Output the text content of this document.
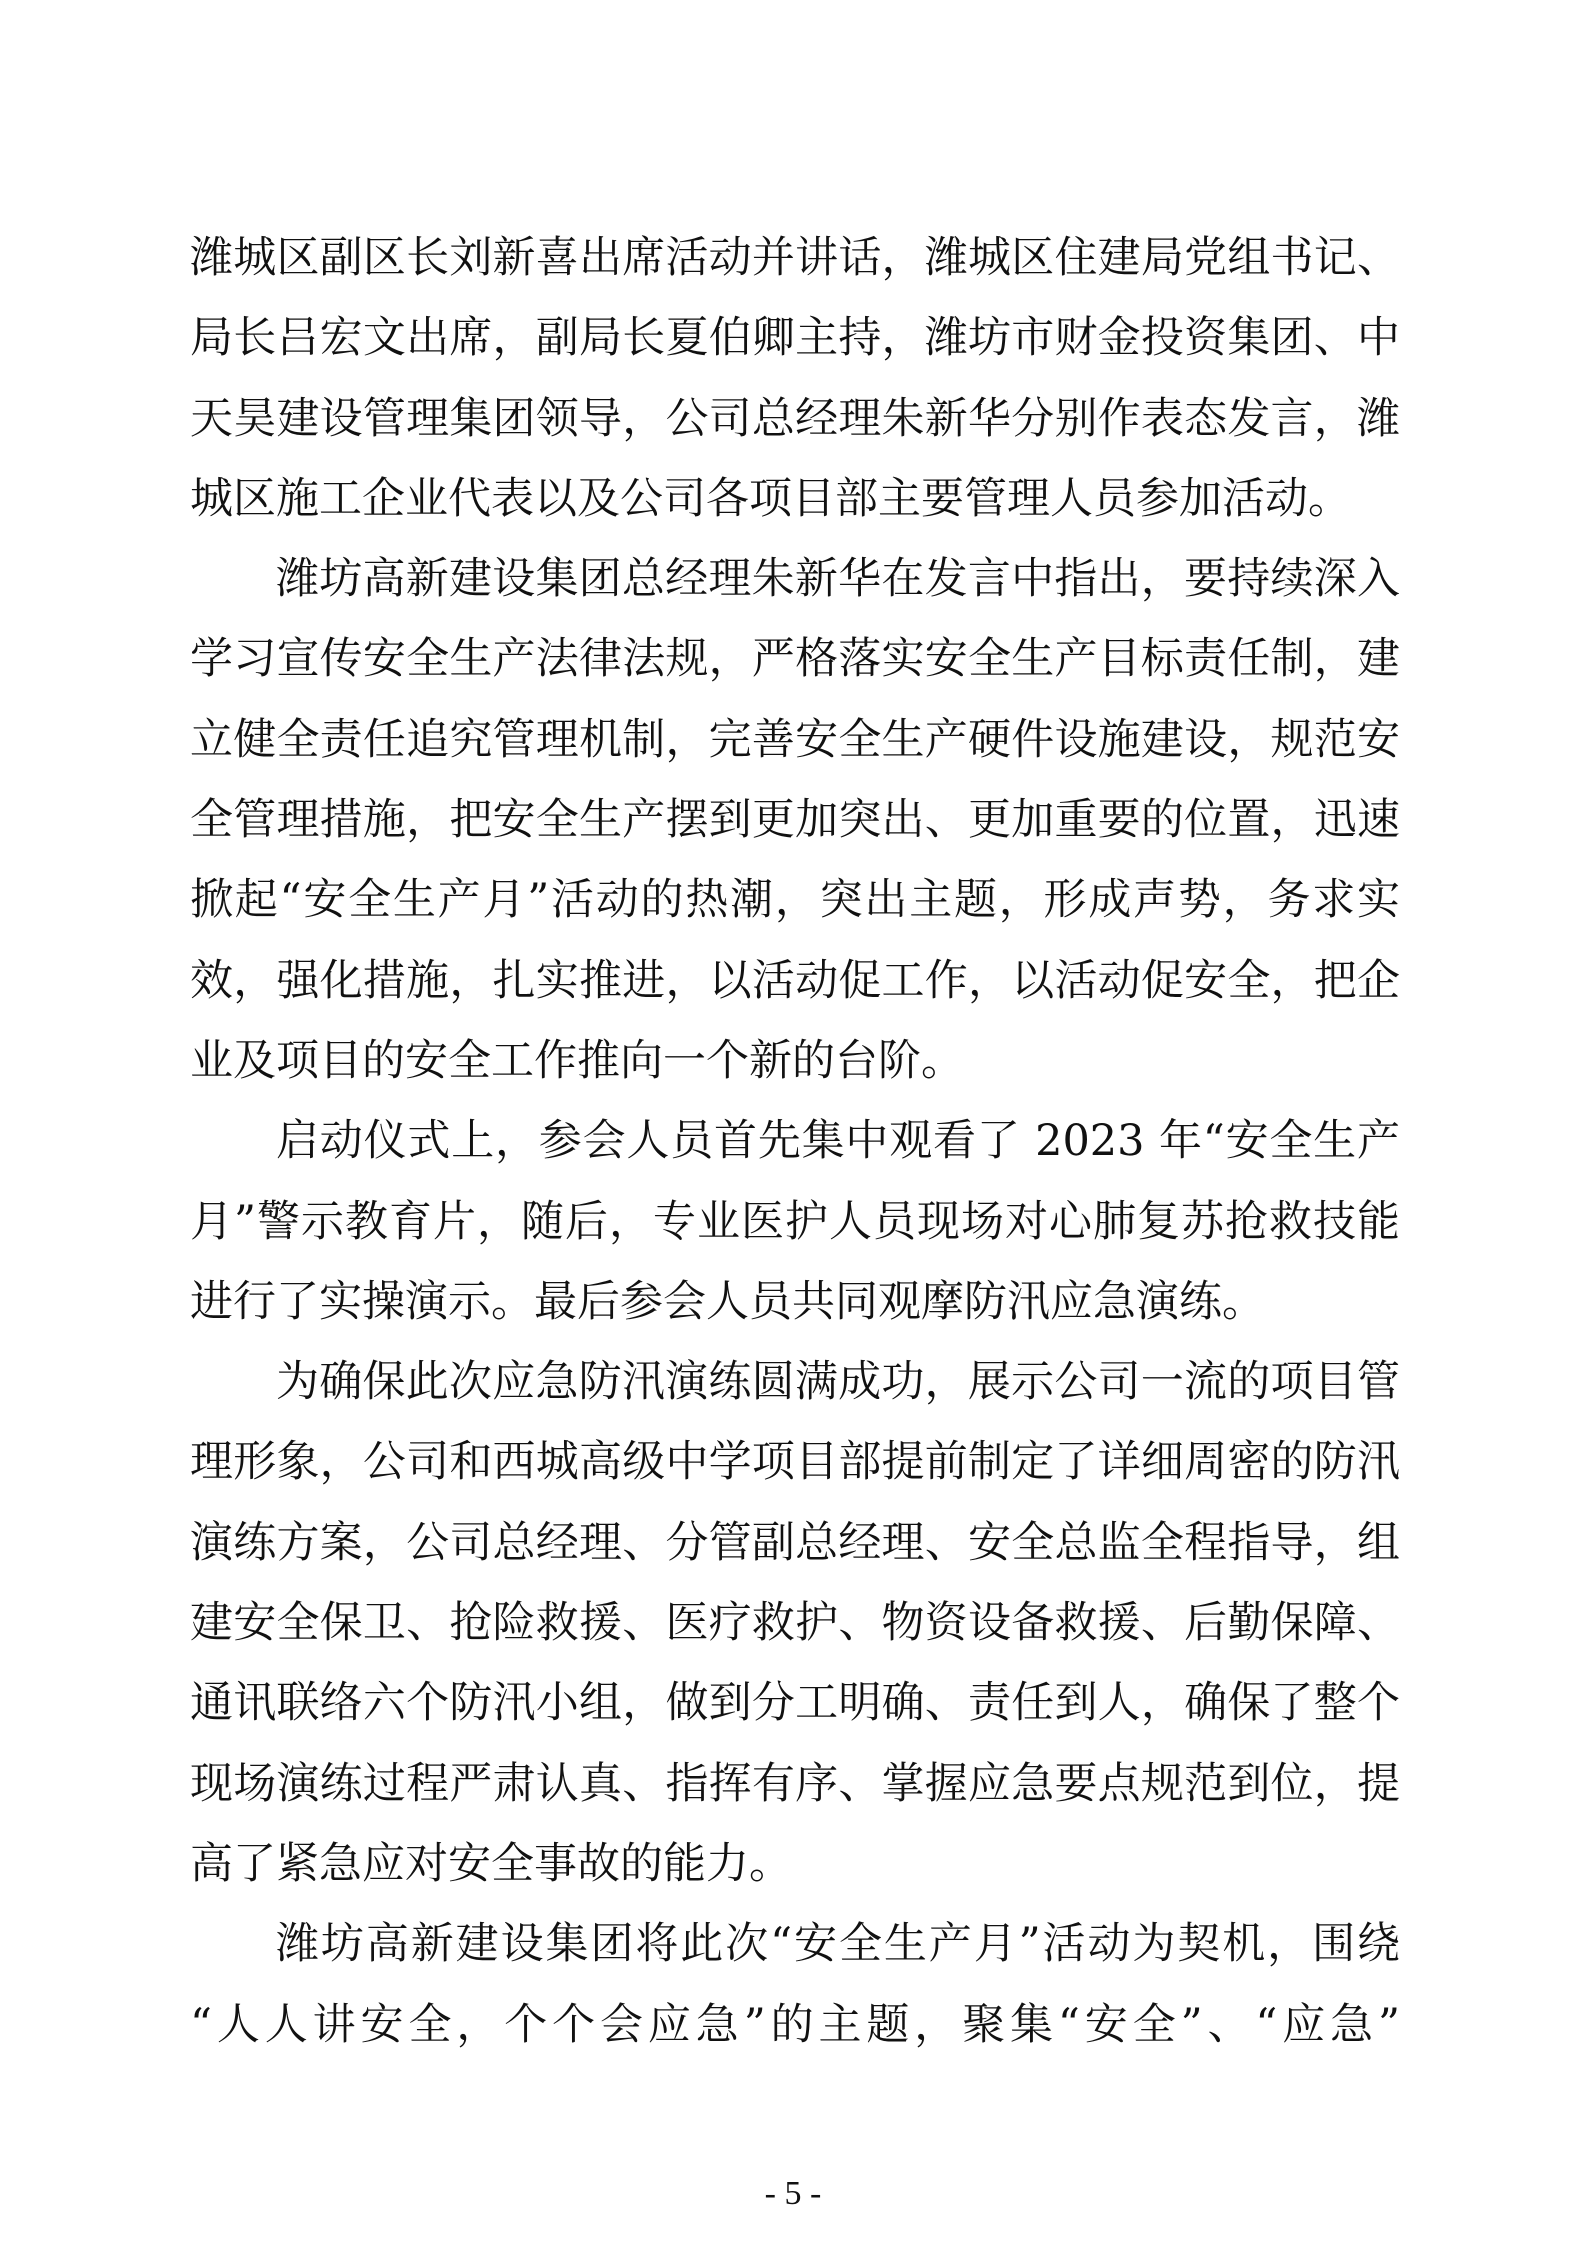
潍城区副区长刘新喜出席活动并讲话，潍城区住建局党组书记、
局长吕宏文出席，副局长夏伯卿主持，潍坊市财金投资集团、中
天昊建设管理集团领导，公司总经理朱新华分别作表态发言，潍
城区施工企业代表以及公司各项目部主要管理人员参加活动。
潍坊高新建设集团总经理朱新华在发言中指出，要持续深入
学习宣传安全生产法律法规，严格落实安全生产目标责任制，建
立健全责任追究管理机制，完善安全生产硬件设施建设，规范安
全管理措施，把安全生产摆到更加突出、更加重要的位置，迅速
掀起“安全生产月”活动的热潮，突出主题，形成声势，务求实
效，强化措施，扎实推进，以活动促工作，以活动促安全，把企
业及项目的安全工作推向一个新的台阶。
启动仪式上，参会人员首先集中观看了 2023 年“安全生产
月”警示教育片，随后，专业医护人员现场对心肺复苏抢救技能
进行了实操演示。最后参会人员共同观摩防汛应急演练。
为确保此次应急防汛演练圆满成功，展示公司一流的项目管
理形象，公司和西城高级中学项目部提前制定了详细周密的防汛
演练方案，公司总经理、分管副总经理、安全总监全程指导，组
建安全保卫、抢险救援、医疗救护、物资设备救援、后勤保障、
通讯联络六个防汛小组，做到分工明确、责任到人，确保了整个
现场演练过程严肃认真、指挥有序、掌握应急要点规范到位，提
高了紧急应对安全事故的能力。
潍坊高新建设集团将此次“安全生产月”活动为契机，围绕
“人人讲安全，个个会应急”的主题，聚集“安全”、“应急”
- 5 -
